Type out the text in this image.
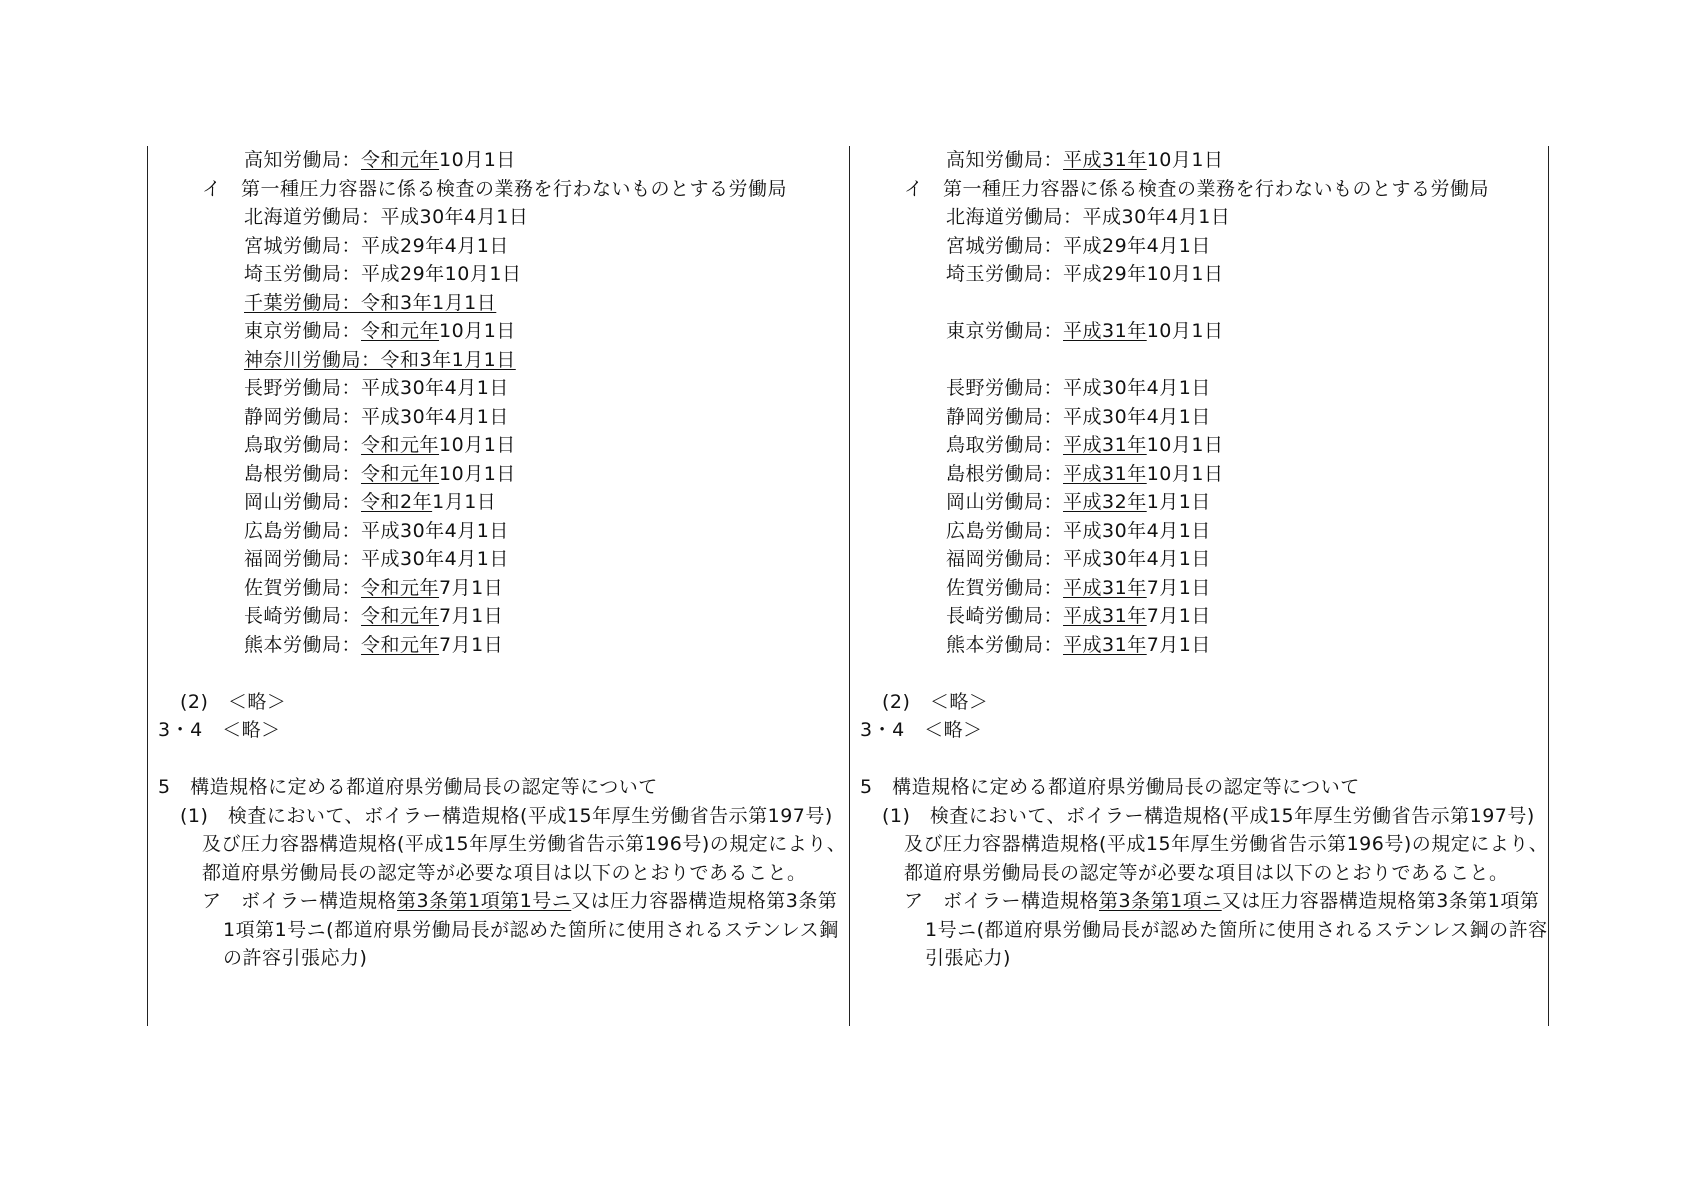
高知労働局：令和元年10月1日
イ　第一種圧力容器に係る検査の業務を行わないものとする労働局
北海道労働局：平成30年4月1日
宮城労働局：平成29年4月1日
埼玉労働局：平成29年10月1日
千葉労働局：令和3年1月1日
東京労働局：令和元年10月1日
神奈川労働局：令和3年1月1日
長野労働局：平成30年4月1日
静岡労働局：平成30年4月1日
鳥取労働局：令和元年10月1日
島根労働局：令和元年10月1日
岡山労働局：令和2年1月1日
広島労働局：平成30年4月1日
福岡労働局：平成30年4月1日
佐賀労働局：令和元年7月1日
長崎労働局：令和元年7月1日
熊本労働局：令和元年7月1日
(2)　＜略＞
3・4　＜略＞
5　構造規格に定める都道府県労働局長の認定等について
(1)　検査において、ボイラー構造規格(平成15年厚生労働省告示第197号)及び圧力容器構造規格(平成15年厚生労働省告示第196号)の規定により、都道府県労働局長の認定等が必要な項目は以下のとおりであること。
ア　ボイラー構造規格第3条第1項第1号ニ又は圧力容器構造規格第3条第1項第1号ニ(都道府県労働局長が認めた箇所に使用されるステンレス鋼の許容引張応力)
高知労働局：平成31年10月1日
イ　第一種圧力容器に係る検査の業務を行わないものとする労働局
北海道労働局：平成30年4月1日
宮城労働局：平成29年4月1日
埼玉労働局：平成29年10月1日
東京労働局：平成31年10月1日
長野労働局：平成30年4月1日
静岡労働局：平成30年4月1日
鳥取労働局：平成31年10月1日
島根労働局：平成31年10月1日
岡山労働局：平成32年1月1日
広島労働局：平成30年4月1日
福岡労働局：平成30年4月1日
佐賀労働局：平成31年7月1日
長崎労働局：平成31年7月1日
熊本労働局：平成31年7月1日
(2)　＜略＞
3・4　＜略＞
5　構造規格に定める都道府県労働局長の認定等について
(1)　検査において、ボイラー構造規格(平成15年厚生労働省告示第197号)及び圧力容器構造規格(平成15年厚生労働省告示第196号)の規定により、都道府県労働局長の認定等が必要な項目は以下のとおりであること。
ア　ボイラー構造規格第3条第1項ニ又は圧力容器構造規格第3条第1項第1号ニ(都道府県労働局長が認めた箇所に使用されるステンレス鋼の許容引張応力)
